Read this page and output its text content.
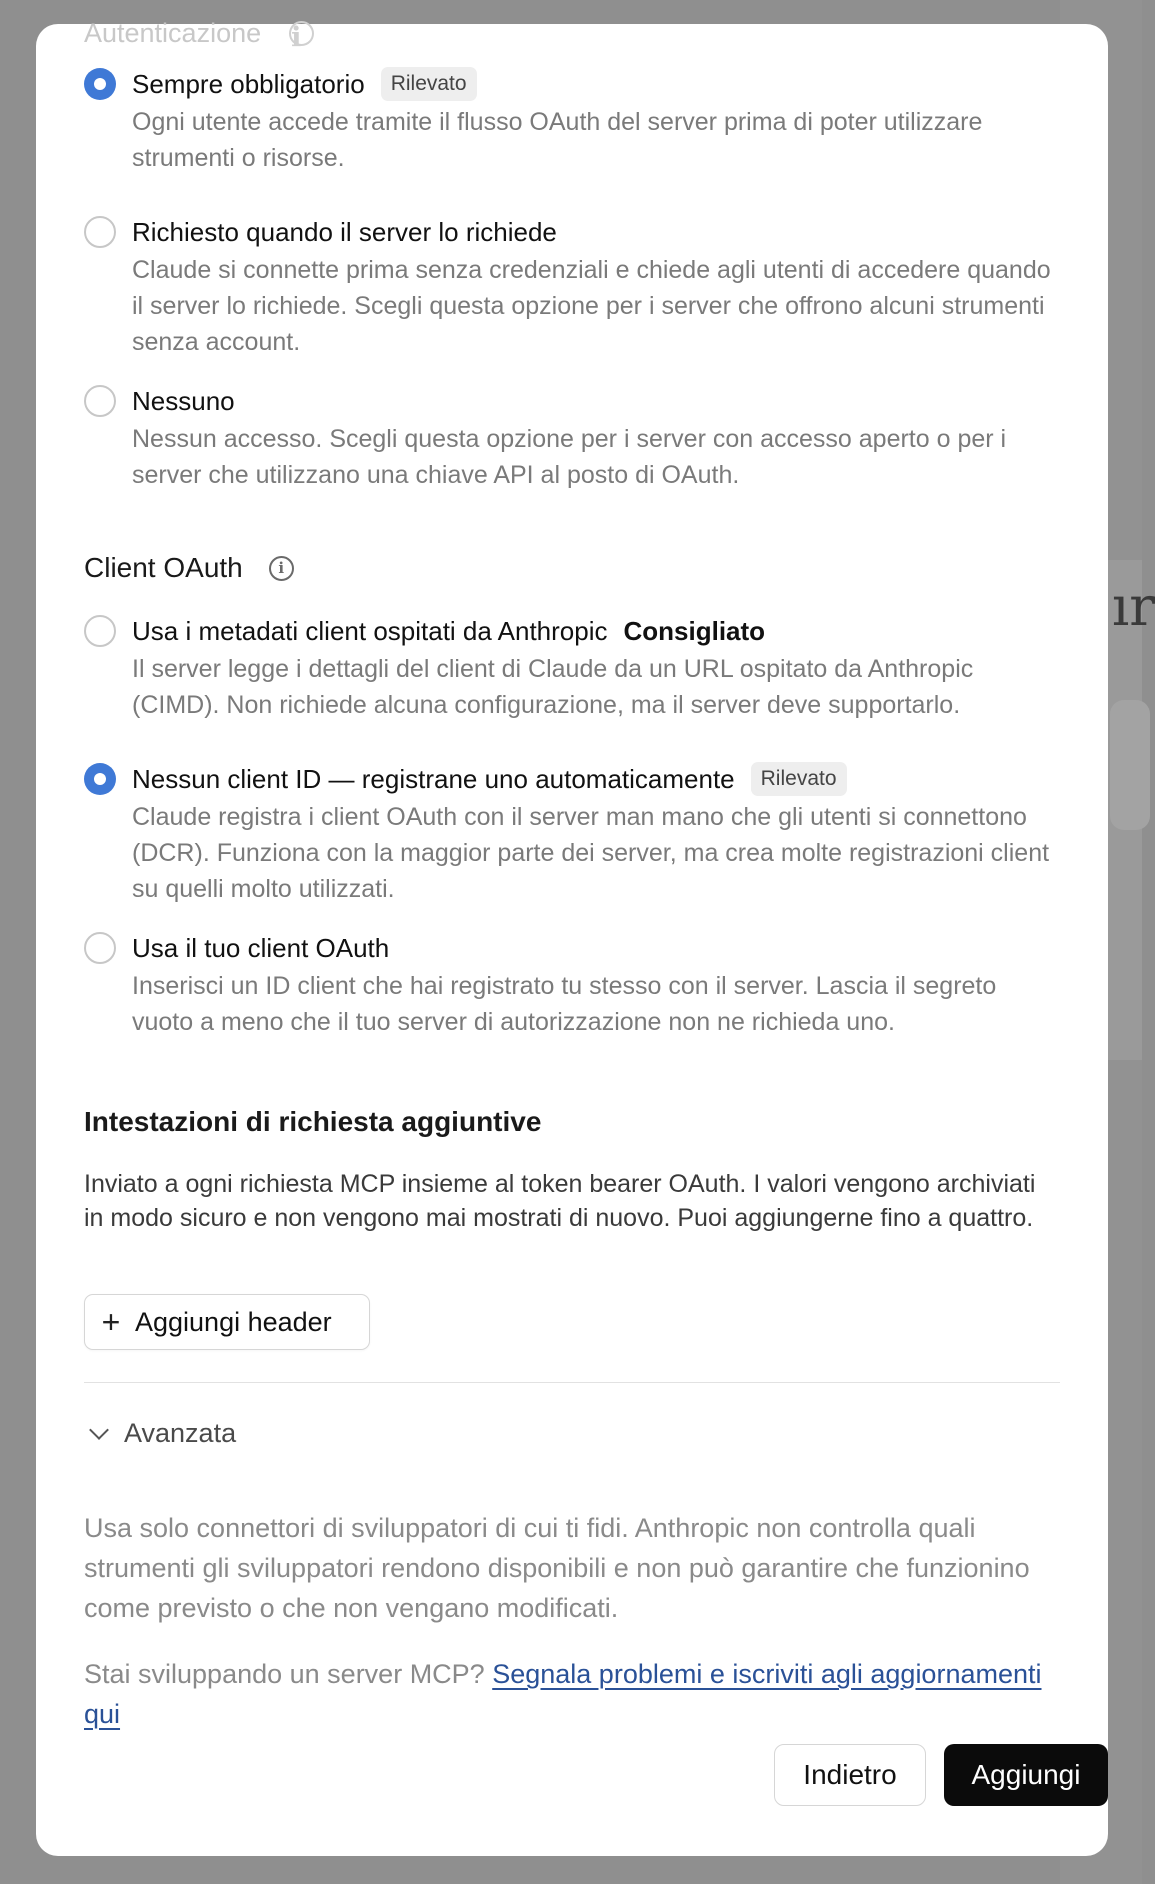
ır
Autenticazione i
Sempre obbligatorio	Rilevato
Ogni utente accede tramite il flusso OAuth del server prima di poter utilizzare strumenti o risorse.
Richiesto quando il server lo richiede
Claude si connette prima senza credenziali e chiede agli utenti di accedere quando il server lo richiede. Scegli questa opzione per i server che offrono alcuni strumenti senza account.
Nessuno
Nessun accesso. Scegli questa opzione per i server con accesso aperto o per i server che utilizzano una chiave API al posto di OAuth.
Client OAuth	i
Usa i metadati client ospitati da Anthropic Consigliato
Il server legge i dettagli del client di Claude da un URL ospitato da Anthropic (CIMD). Non richiede alcuna configurazione, ma il server deve supportarlo.
Nessun client ID — registrane uno automaticamente	Rilevato
Claude registra i client OAuth con il server man mano che gli utenti si connettono (DCR). Funziona con la maggior parte dei server, ma crea molte registrazioni client su quelli molto utilizzati.
Usa il tuo client OAuth
Inserisci un ID client che hai registrato tu stesso con il server. Lascia il segreto vuoto a meno che il tuo server di autorizzazione non ne richieda uno.
Intestazioni di richiesta aggiuntive
Inviato a ogni richiesta MCP insieme al token bearer OAuth. I valori vengono archiviati in modo sicuro e non vengono mai mostrati di nuovo. Puoi aggiungerne fino a quattro.
+ Aggiungi header
Avanzata
Usa solo connettori di sviluppatori di cui ti fidi. Anthropic non controlla quali strumenti gli sviluppatori rendono disponibili e non può garantire che funzionino come previsto o che non vengano modificati.
Stai sviluppando un server MCP? Segnala problemi e iscriviti agli aggiornamenti qui
Indietro	Aggiungi
